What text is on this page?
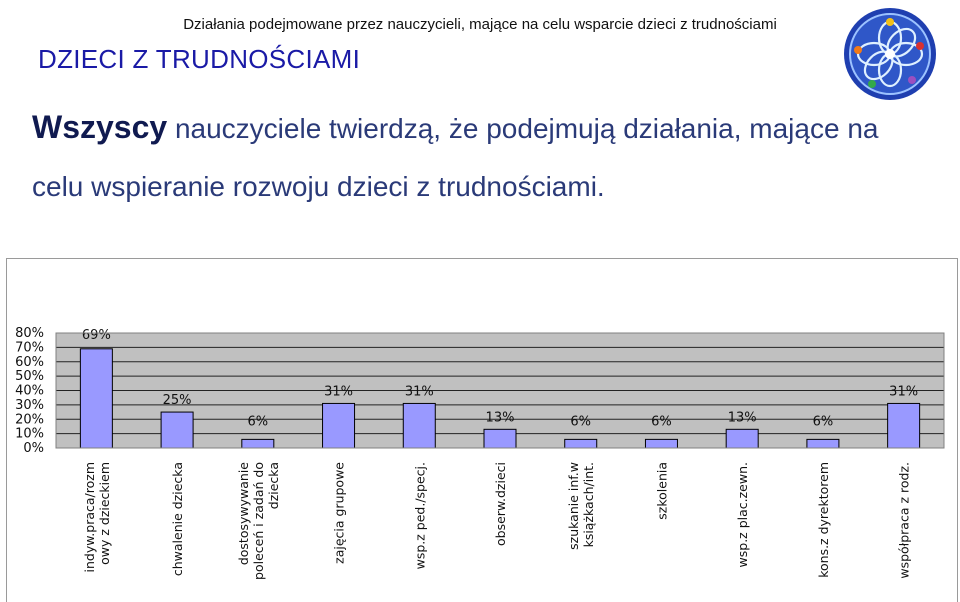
DZIECI Z TRUDNOŚCIAMI
Wszyscy nauczyciele twierdzą, że podejmują działania, mające na celu wspieranie rozwoju dzieci z trudnościami.
Działania podejmowane przez nauczycieli, mające na celu wsparcie dzieci z trudnościami
0%
10%
20%
30%
40%
50%
60%
70%
80%	69%
indyw.praca/rozm owy z dzieckiem
25%
chwalenie dziecka
6%
dostosywywanie poleceń i zadań do dziecka
31%
zajęcia grupowe
31%
wsp.z ped./specj.
13%
obserw.dzieci
6%
szukanie inf.w książkach/int.
6%
szkolenia
13%
wsp.z plac.zewn.
6%
kons.z dyrektorem
31%
współpraca z rodz.
